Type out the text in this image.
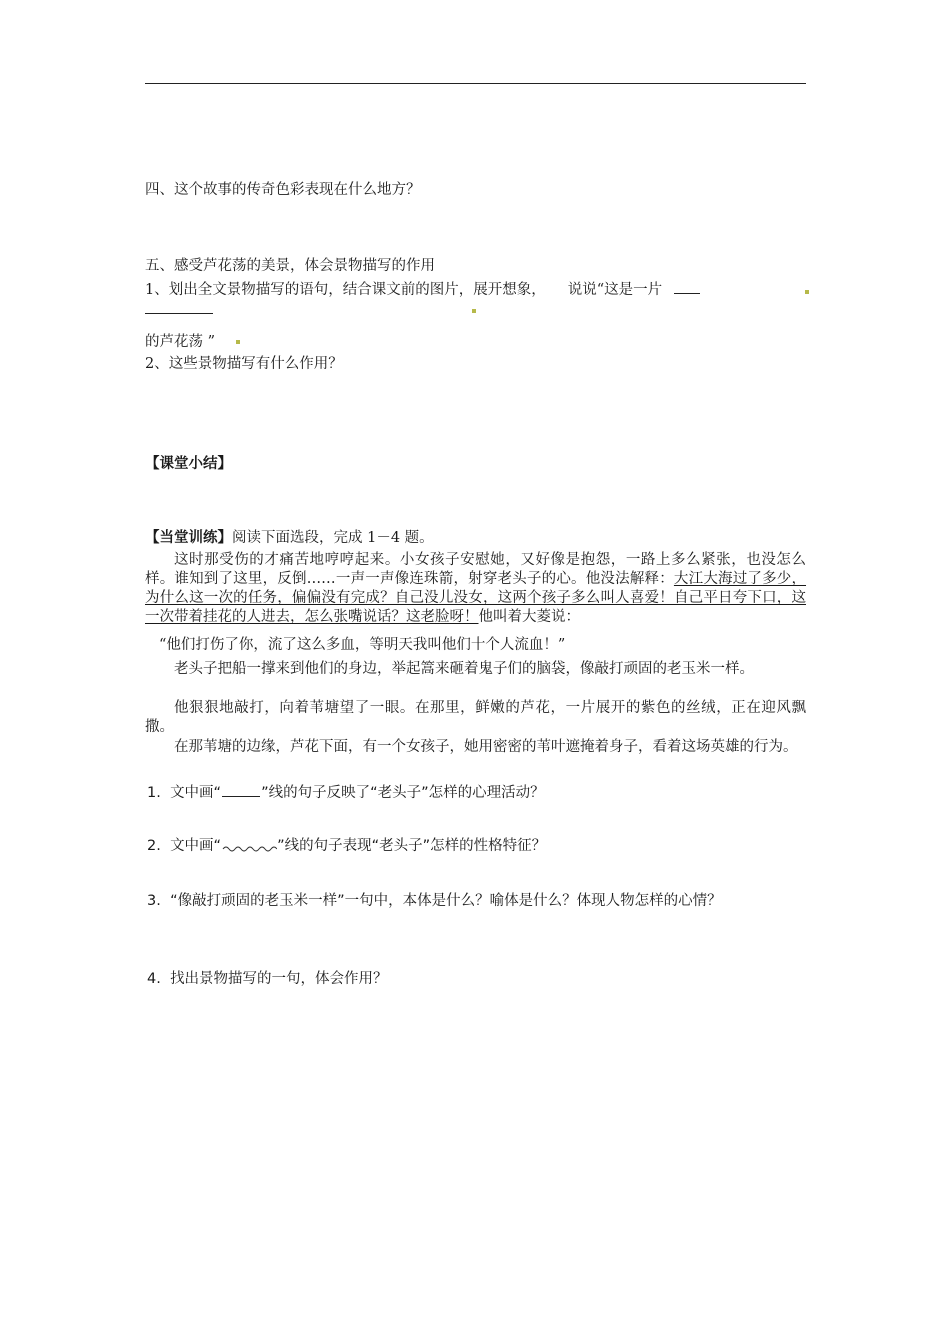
四、这个故事的传奇色彩表现在什么地方？
五、感受芦花荡的美景，体会景物描写的作用
1、划出全文景物描写的语句，结合课文前的图片，展开想象， 说说“这是一片
的芦花荡 ”
2、这些景物描写有什么作用？
【课堂小结】
【当堂训练】阅读下面选段，完成 1－4 题。
这时那受伤的才痛苦地哼哼起来。小女孩子安慰她，又好像是抱怨，一路上多么紧张，也没怎么样。谁知到了这里，反倒……一声一声像连珠箭，射穿老头子的心。他没法解释：大江大海过了多少，为什么这一次的任务，偏偏没有完成？自己没儿没女，这两个孩子多么叫人喜爱！自己平日夸下口，这一次带着挂花的人进去，怎么张嘴说话？这老脸呀！他叫着大菱说：
“他们打伤了你，流了这么多血，等明天我叫他们十个人流血！”
老头子把船一撑来到他们的身边，举起篙来砸着鬼子们的脑袋，像敲打顽固的老玉米一样。
他狠狠地敲打，向着苇塘望了一眼。在那里，鲜嫩的芦花，一片展开的紫色的丝绒，正在迎风飘撒。
在那苇塘的边缘，芦花下面，有一个女孩子，她用密密的苇叶遮掩着身子，看着这场英雄的行为。
1. 文中画“	”线的句子反映了“老头子”怎样的心理活动？
2. 文中画“	”线的句子表现“老头子”怎样的性格特征？
3. “像敲打顽固的老玉米一样”一句中，本体是什么？喻体是什么？体现人物怎样的心情？
4. 找出景物描写的一句，体会作用？
